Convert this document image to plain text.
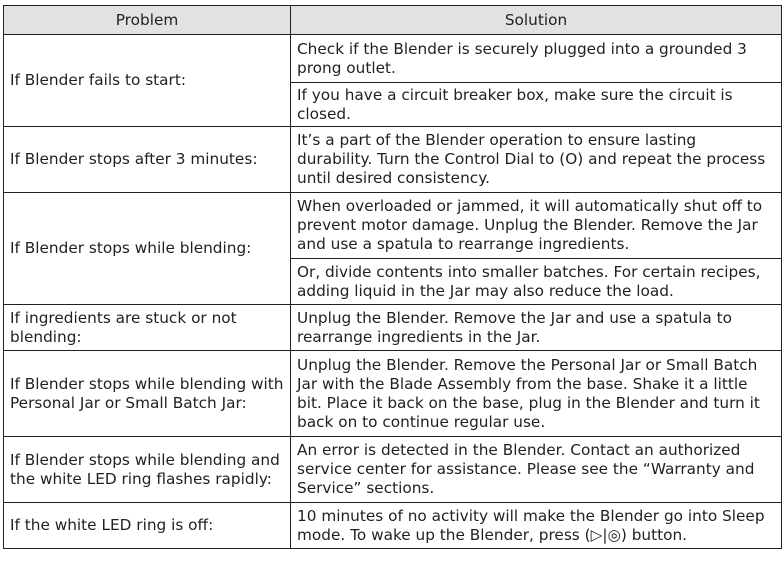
Problem	Solution
If Blender fails to start:	Check if the Blender is securely plugged into a grounded 3 prong outlet.
	If you have a circuit breaker box, make sure the circuit is closed.
If Blender stops after 3 minutes:	It’s a part of the Blender operation to ensure lasting durability. Turn the Control Dial to (O) and repeat the process until desired consistency.
If Blender stops while blending:	When overloaded or jammed, it will automatically shut off to prevent motor damage. Unplug the Blender. Remove the Jar and use a spatula to rearrange ingredients.
	Or, divide contents into smaller batches. For certain recipes, adding liquid in the Jar may also reduce the load.
If ingredients are stuck or not blending:	Unplug the Blender. Remove the Jar and use a spatula to rearrange ingredients in the Jar.
If Blender stops while blending with Personal Jar or Small Batch Jar:	Unplug the Blender. Remove the Personal Jar or Small Batch Jar with the Blade Assembly from the base. Shake it a little bit. Place it back on the base, plug in the Blender and turn it back on to continue regular use.
If Blender stops while blending and the white LED ring flashes rapidly:	An error is detected in the Blender. Contact an authorized service center for assistance. Please see the “Warranty and Service” sections.
If the white LED ring is off:	10 minutes of no activity will make the Blender go into Sleep mode. To wake up the Blender, press (▷|◎) button.
